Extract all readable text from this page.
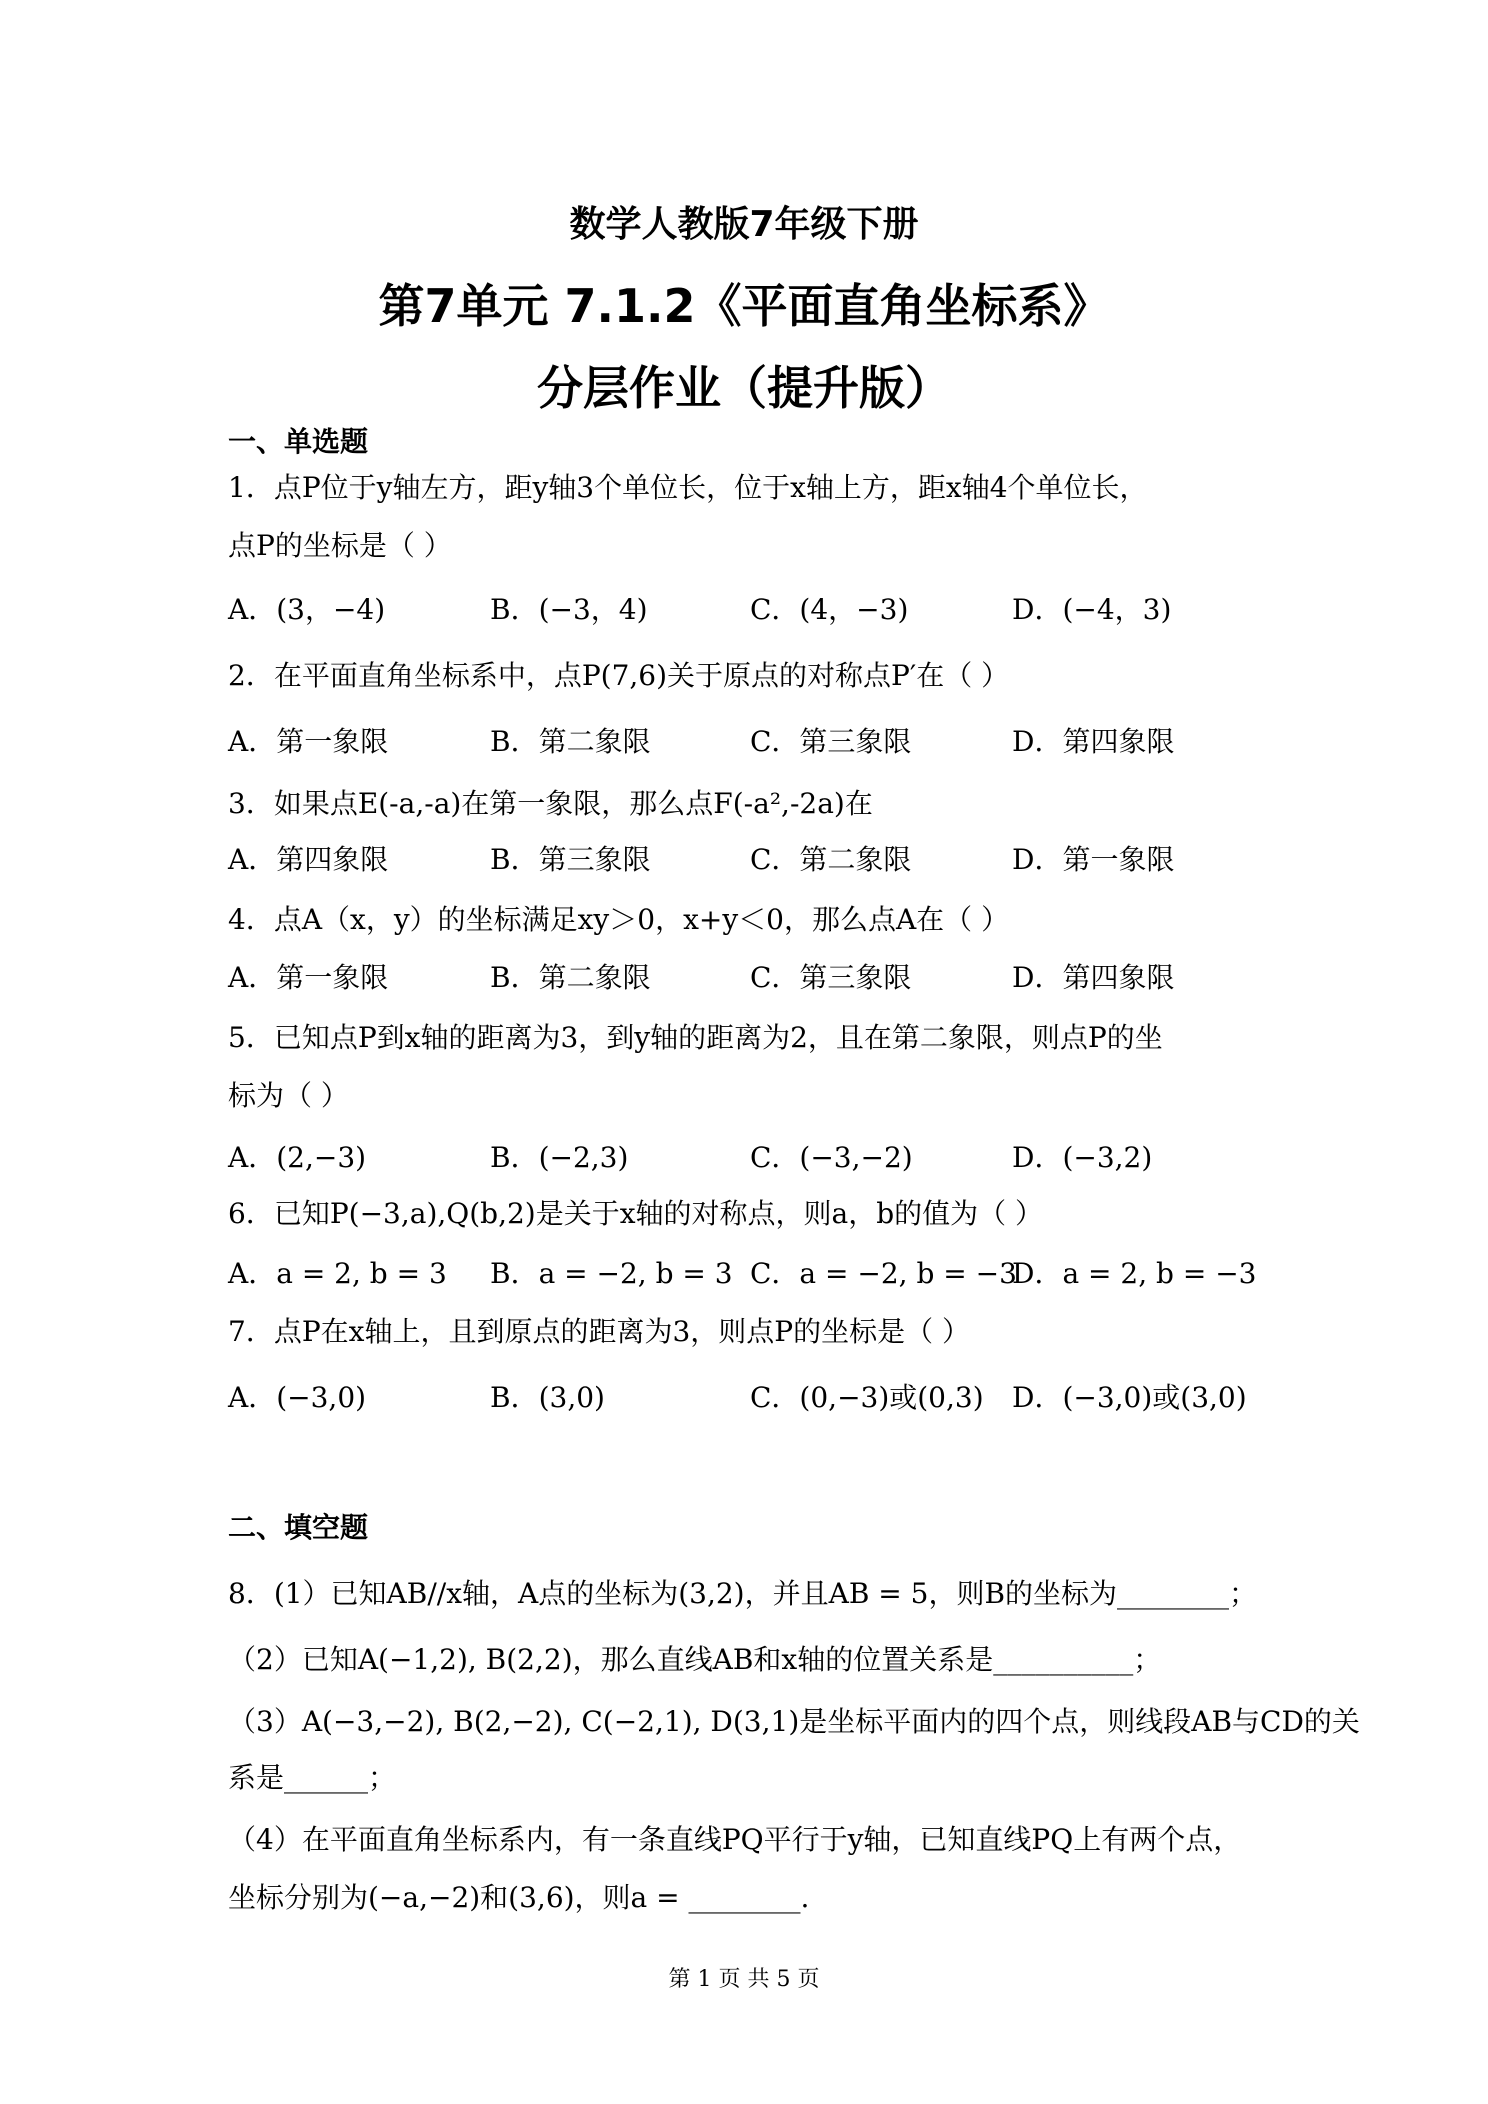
数学人教版7年级下册
第7单元 7.1.2《平面直角坐标系》
分层作业（提升版）
一、单选题
1．点P位于y轴左方，距y轴3个单位长，位于x轴上方，距x轴4个单位长，
点P的坐标是（ ）
A．(3，−4)	B．(−3，4)	C．(4，−3)	D．(−4，3)
2．在平面直角坐标系中，点P(7,6)关于原点的对称点P′在（ ）
A．第一象限	B．第二象限	C．第三象限	D．第四象限
3．如果点E(-a,-a)在第一象限，那么点F(-a²,-2a)在
A．第四象限	B．第三象限	C．第二象限	D．第一象限
4．点A（x，y）的坐标满足xy＞0，x+y＜0，那么点A在（ ）
A．第一象限	B．第二象限	C．第三象限	D．第四象限
5．已知点P到x轴的距离为3，到y轴的距离为2，且在第二象限，则点P的坐
标为（ ）
A．(2,−3)	B．(−2,3)	C．(−3,−2)	D．(−3,2)
6．已知P(−3,a),Q(b,2)是关于x轴的对称点，则a，b的值为（ ）
A．a = 2, b = 3 B．a = −2, b = 3 C．a = −2, b = −3
D．a = 2, b = −3
7．点P在x轴上，且到原点的距离为3，则点P的坐标是（ ）
A．(−3,0)	B．(3,0)	C．(0,−3)或(0,3) D．(−3,0)或(3,0)
二、填空题
8．(1）已知AB//x轴，A点的坐标为(3,2)，并且AB = 5，则B的坐标为________；
（2）已知A(−1,2), B(2,2)，那么直线AB和x轴的位置关系是__________；
（3）A(−3,−2), B(2,−2), C(−2,1), D(3,1)是坐标平面内的四个点，则线段AB与CD的关
系是______；
（4）在平面直角坐标系内，有一条直线PQ平行于y轴，已知直线PQ上有两个点，
坐标分别为(−a,−2)和(3,6)，则a = ________.
第 1 页 共 5 页
